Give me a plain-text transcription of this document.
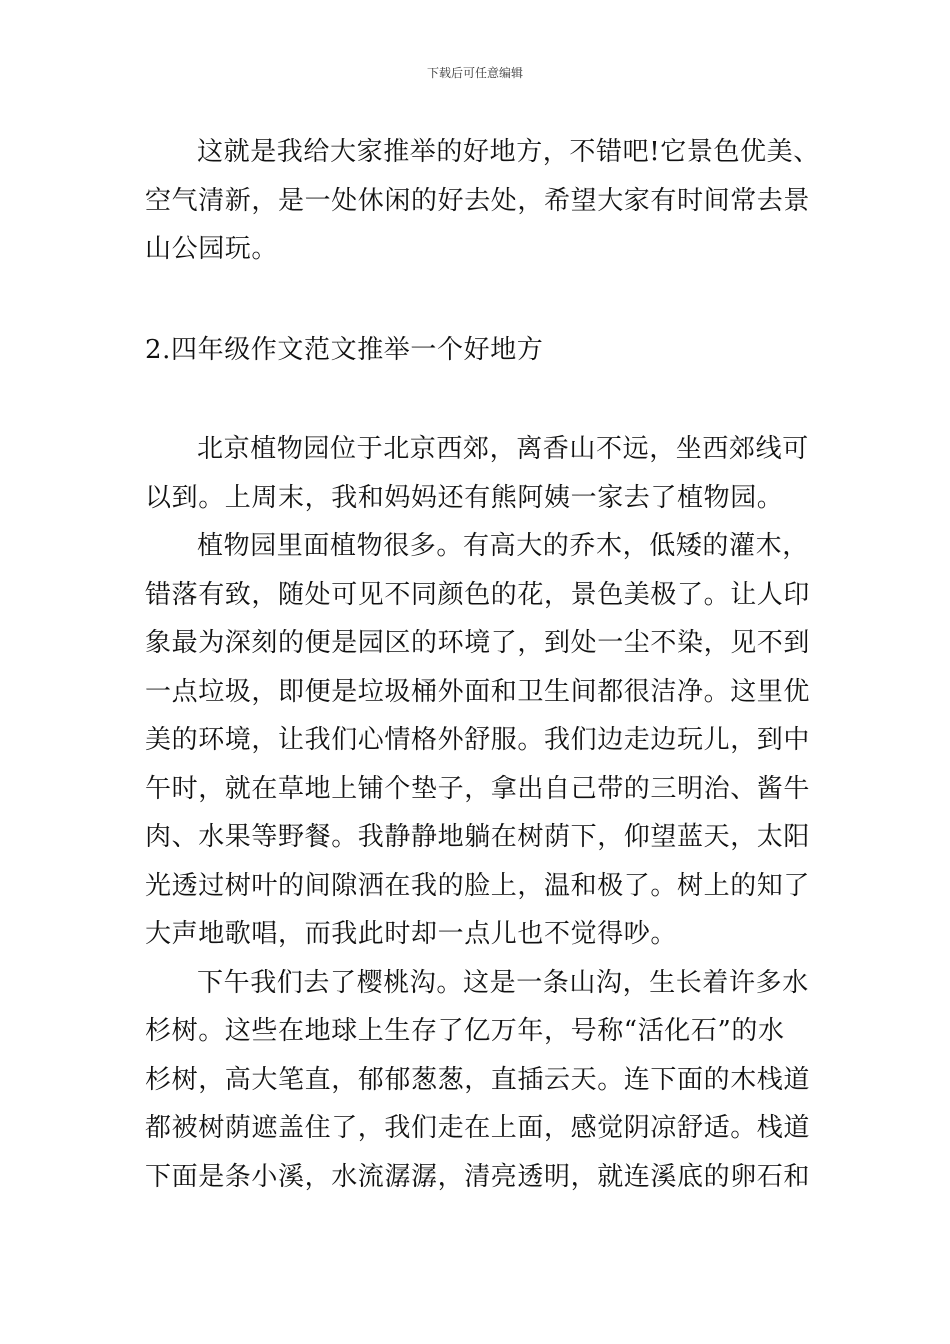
下载后可任意编辑
这就是我给大家推举的好地方，不错吧!它景色优美、
空气清新，是一处休闲的好去处，希望大家有时间常去景
山公园玩。
2.四年级作文范文推举一个好地方
北京植物园位于北京西郊，离香山不远，坐西郊线可
以到。上周末，我和妈妈还有熊阿姨一家去了植物园。
植物园里面植物很多。有高大的乔木，低矮的灌木，
错落有致，随处可见不同颜色的花，景色美极了。让人印
象最为深刻的便是园区的环境了，到处一尘不染，见不到
一点垃圾，即便是垃圾桶外面和卫生间都很洁净。这里优
美的环境，让我们心情格外舒服。我们边走边玩儿，到中
午时，就在草地上铺个垫子，拿出自己带的三明治、酱牛
肉、水果等野餐。我静静地躺在树荫下，仰望蓝天，太阳
光透过树叶的间隙洒在我的脸上，温和极了。树上的知了
大声地歌唱，而我此时却一点儿也不觉得吵。
下午我们去了樱桃沟。这是一条山沟，生长着许多水
杉树。这些在地球上生存了亿万年，号称“活化石”的水
杉树，高大笔直，郁郁葱葱，直插云天。连下面的木栈道
都被树荫遮盖住了，我们走在上面，感觉阴凉舒适。栈道
下面是条小溪，水流潺潺，清亮透明，就连溪底的卵石和
